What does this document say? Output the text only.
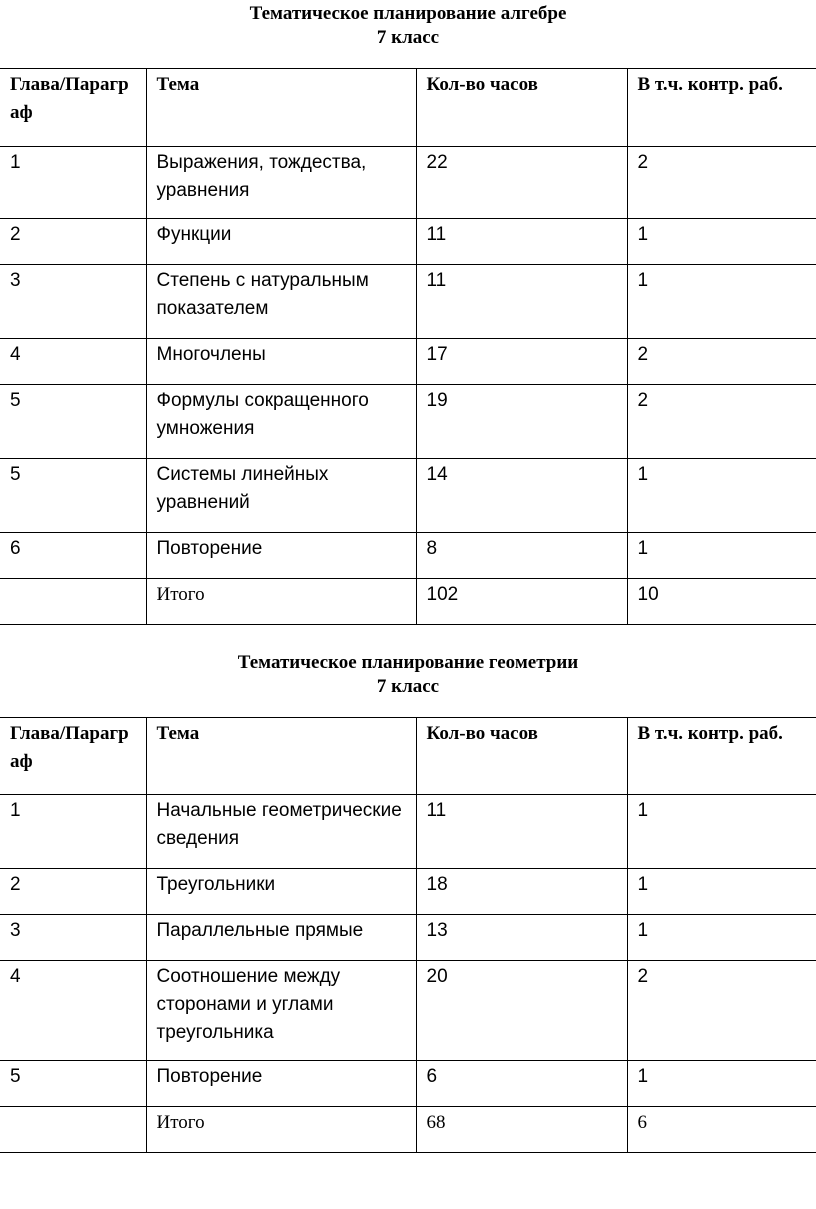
Тематическое планирование алгебре
7 класс
Глава/Параграф	Тема	Кол-во часов	В т.ч. контр. раб.
1	Выражения, тождества, уравнения	22	2
2	Функции	11	1
3	Степень с натуральным показателем	11	1
4	Многочлены	17	2
5	Формулы сокращенного умножения	19	2
5	Системы линейных уравнений	14	1
6	Повторение	8	1
	Итого	102	10
Тематическое планирование геометрии
7 класс
Глава/Параграф	Тема	Кол-во часов	В т.ч. контр. раб.
1	Начальные геометрические сведения	11	1
2	Треугольники	18	1
3	Параллельные прямые	13	1
4	Соотношение между сторонами и углами треугольника	20	2
5	Повторение	6	1
	Итого	68	6
